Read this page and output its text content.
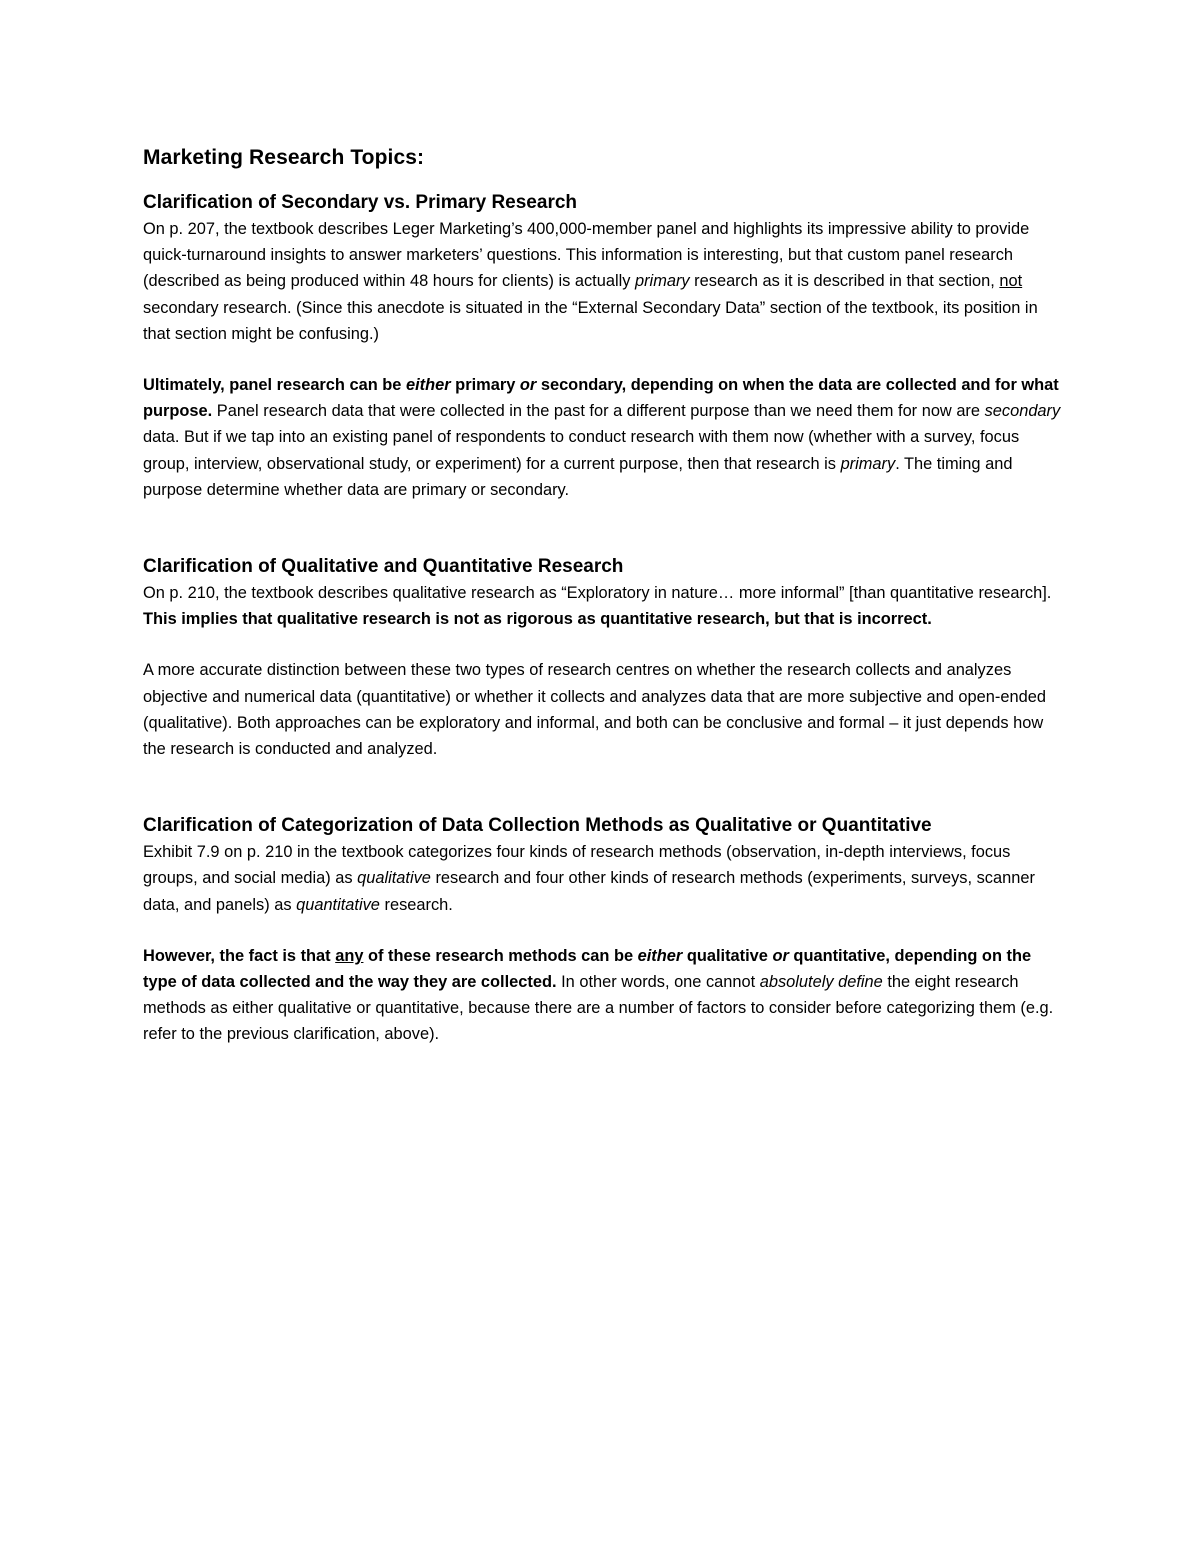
Marketing Research Topics:
Clarification of Secondary vs. Primary Research

On p. 207, the textbook describes Leger Marketing’s 400,000-member panel and highlights its impressive ability to provide quick-turnaround insights to answer marketers’ questions. This information is interesting, but that custom panel research (described as being produced within 48 hours for clients) is actually primary research as it is described in that section, not secondary research. (Since this anecdote is situated in the “External Secondary Data” section of the textbook, its position in that section might be confusing.)

Ultimately, panel research can be either primary or secondary, depending on when the data are collected and for what purpose. Panel research data that were collected in the past for a different purpose than we need them for now are secondary data. But if we tap into an existing panel of respondents to conduct research with them now (whether with a survey, focus group, interview, observational study, or experiment) for a current purpose, then that research is primary. The timing and purpose determine whether data are primary or secondary.

Clarification of Qualitative and Quantitative Research

On p. 210, the textbook describes qualitative research as “Exploratory in nature… more informal” [than quantitative research]. This implies that qualitative research is not as rigorous as quantitative research, but that is incorrect.

A more accurate distinction between these two types of research centres on whether the research collects and analyzes objective and numerical data (quantitative) or whether it collects and analyzes data that are more subjective and open-ended (qualitative). Both approaches can be exploratory and informal, and both can be conclusive and formal – it just depends how the research is conducted and analyzed.

Clarification of Categorization of Data Collection Methods as Qualitative or Quantitative

Exhibit 7.9 on p. 210 in the textbook categorizes four kinds of research methods (observation, in-depth interviews, focus groups, and social media) as qualitative research and four other kinds of research methods (experiments, surveys, scanner data, and panels) as quantitative research.

However, the fact is that any of these research methods can be either qualitative or quantitative, depending on the type of data collected and the way they are collected. In other words, one cannot absolutely define the eight research methods as either qualitative or quantitative, because there are a number of factors to consider before categorizing them (e.g. refer to the previous clarification, above).
